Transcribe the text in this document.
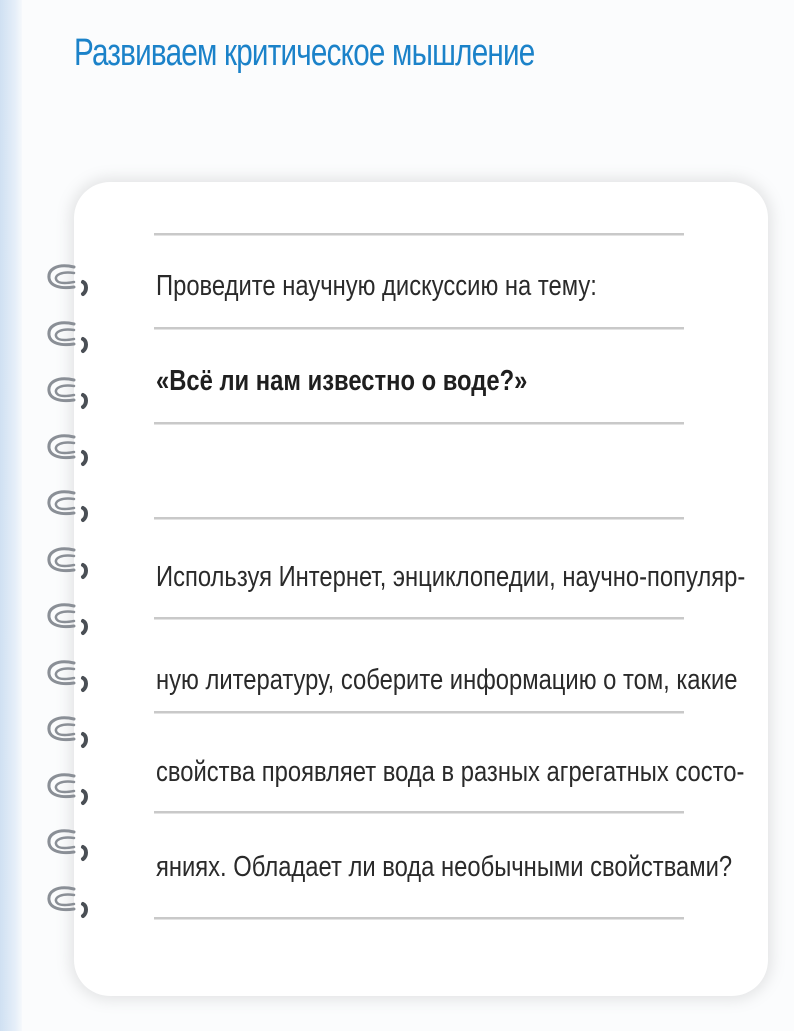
Развиваем критическое мышление

Проведите научную дискуссию на тему:

«Всё ли нам известно о воде?»

Используя Интернет, энциклопедии, научно-популяр-

ную литературу, соберите информацию о том, какие

свойства проявляет вода в разных агрегатных состо-

яниях. Обладает ли вода необычными свойствами?
